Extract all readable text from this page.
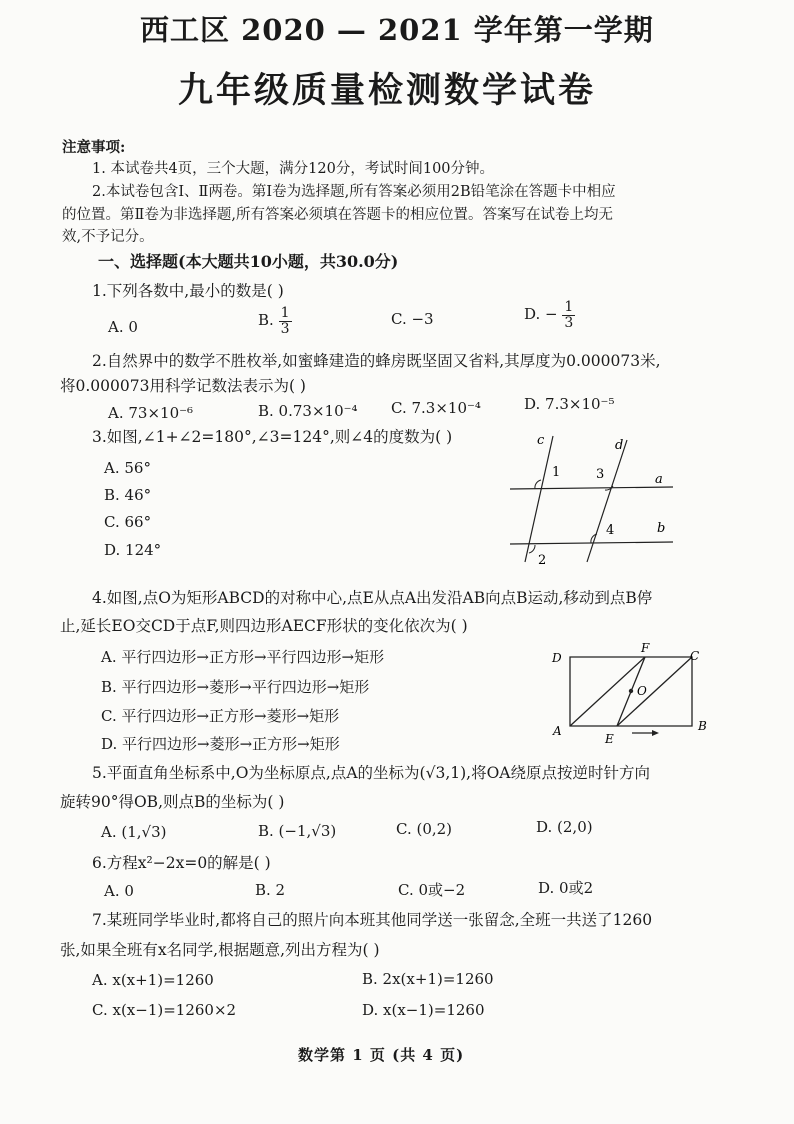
西工区 2020 — 2021 学年第一学期
九年级质量检测数学试卷
注意事项:
1. 本试卷共4页，三个大题，满分120分，考试时间100分钟。
2.本试卷包含Ⅰ、Ⅱ两卷。第Ⅰ卷为选择题,所有答案必须用2B铅笔涂在答题卡中相应
的位置。第Ⅱ卷为非选择题,所有答案必须填在答题卡的相应位置。答案写在试卷上均无
效,不予记分。
一、选择题(本大题共10小题，共30.0分)
1.下列各数中,最小的数是( )
A. 0	B. $\frac{1}{3}$	C. −3	D. − $\frac{1}{3}$
2.自然界中的数学不胜枚举,如蜜蜂建造的蜂房既坚固又省料,其厚度为0.000073米,
将0.000073用科学记数法表示为( )
A. 73×10⁻⁶	B. 0.73×10⁻⁴ C. 7.3×10⁻⁴	D. 7.3×10⁻⁵
3.如图,∠1+∠2=180°,∠3=124°,则∠4的度数为( )
A. 56°
B. 46°
C. 66°
D. 124°
c	d
a
b
1	3
4
2
4.如图,点O为矩形ABCD的对称中心,点E从点A出发沿AB向点B运动,移动到点B停
止,延长EO交CD于点F,则四边形AECF形状的变化依次为( )
A. 平行四边形→正方形→平行四边形→矩形
B. 平行四边形→菱形→平行四边形→矩形
C. 平行四边形→正方形→菱形→矩形
D. 平行四边形→菱形→正方形→矩形
D
F
C
O
A	B
E
5.平面直角坐标系中,O为坐标原点,点A的坐标为(√3,1),将OA绕原点按逆时针方向
旋转90°得OB,则点B的坐标为( )
A. (1,√3)	B. (−1,√3)	C. (0,2)	D. (2,0)
6.方程x²−2x=0的解是( )
A. 0	B. 2	C. 0或−2	D. 0或2
7.某班同学毕业时,都将自己的照片向本班其他同学送一张留念,全班一共送了1260
张,如果全班有x名同学,根据题意,列出方程为( )
A. x(x+1)=1260	B. 2x(x+1)=1260
C. x(x−1)=1260×2	D. x(x−1)=1260
数学第 1 页 (共 4 页)
